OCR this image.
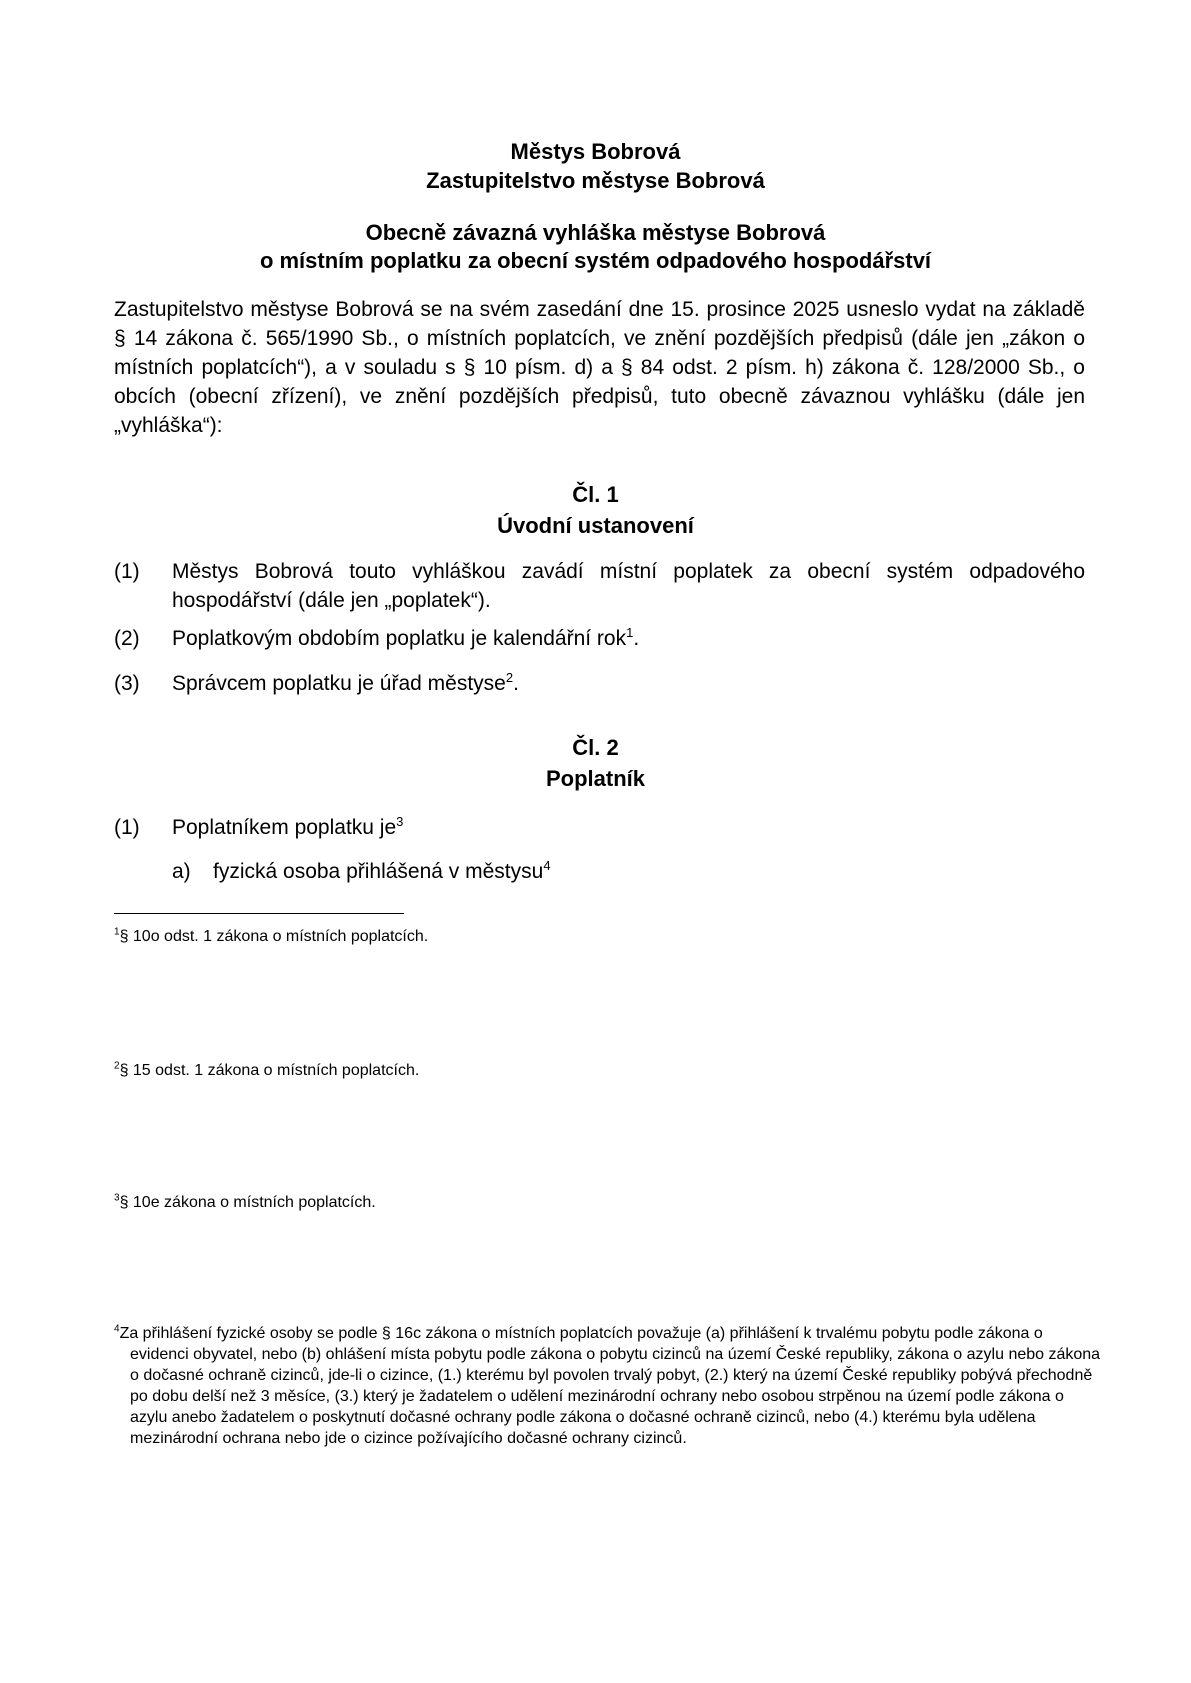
Městys Bobrová

Zastupitelstvo městyse Bobrová

Obecně závazná vyhláška městyse Bobrová

o místním poplatku za obecní systém odpadového hospodářství

Zastupitelstvo městyse Bobrová se na svém zasedání dne 15. prosince 2025 usneslo vydat na základě § 14 zákona č. 565/1990 Sb., o místních poplatcích, ve znění pozdějších předpisů (dále jen „zákon o místních poplatcích“), a v souladu s § 10 písm. d) a § 84 odst. 2 písm. h) zákona č. 128/2000 Sb., o obcích (obecní zřízení), ve znění pozdějších předpisů, tuto obecně závaznou vyhlášku (dále jen „vyhláška“):

Čl. 1

Úvodní ustanovení

(1) Městys Bobrová touto vyhláškou zavádí místní poplatek za obecní systém odpadového hospodářství (dále jen „poplatek“).

(2) Poplatkovým obdobím poplatku je kalendářní rok$^1$.

(3) Správcem poplatku je úřad městyse$^2$.

Čl. 2

Poplatník

(1) Poplatníkem poplatku $je^3$

a) fyzická osoba přihlášená v městysu$^4$

$^1$§ 10o odst. 1 zákona o místních poplatcích.

$^2$§ 15 odst. 1 zákona o místních poplatcích.

$^3$§ 10e zákona o místních poplatcích.

$^4$Za přihlášení fyzické osoby se podle § 16c zákona o místních poplatcích považuje (a) přihlášení k trvalému pobytu podle zákona o evidenci obyvatel, nebo (b) ohlášení místa pobytu podle zákona o pobytu cizinců na území České republiky, zákona o azylu nebo zákona o dočasné ochraně cizinců, jde-li o cizince, (1.) kterému byl povolen trvalý pobyt, (2.) který na území České republiky pobývá přechodně po dobu delší než 3 měsíce, (3.) který je žadatelem o udělení mezinárodní ochrany nebo osobou strpěnou na území podle zákona o azylu anebo žadatelem o poskytnutí dočasné ochrany podle zákona o dočasné ochraně cizinců, nebo (4.) kterému byla udělena mezinárodní ochrana nebo jde o cizince požívajícího dočasné ochrany cizinců.
